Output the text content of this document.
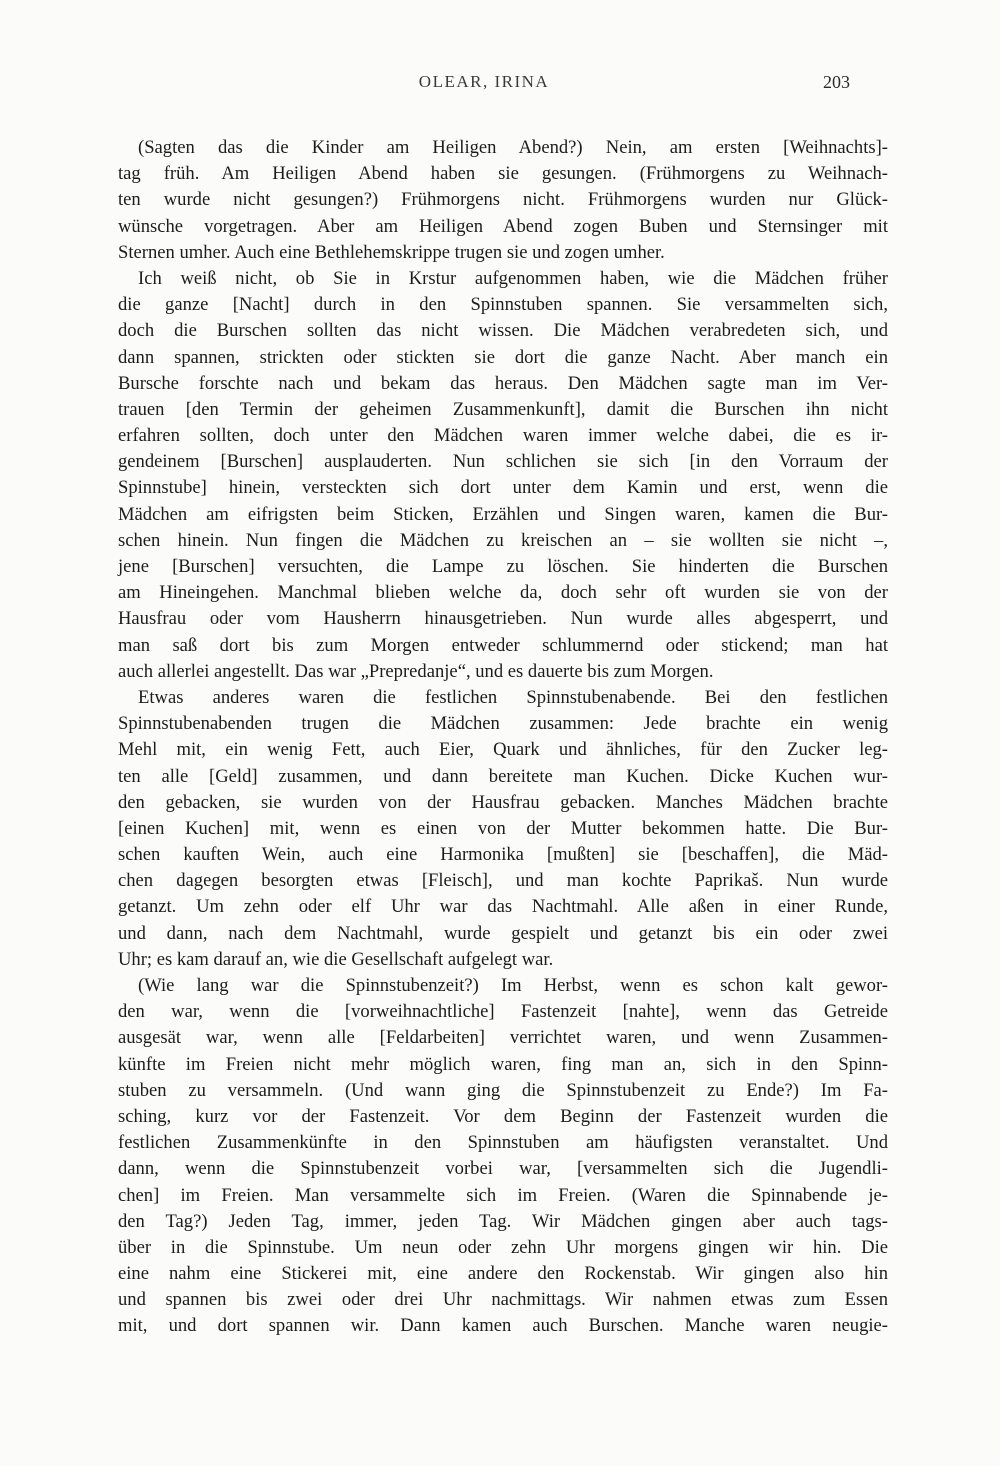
OLEAR, IRINA	203
(Sagten das die Kinder am Heiligen Abend?) Nein, am ersten [Weihnachts]-
tag früh. Am Heiligen Abend haben sie gesungen. (Frühmorgens zu Weihnach-
ten wurde nicht gesungen?) Frühmorgens nicht. Frühmorgens wurden nur Glück-
wünsche vorgetragen. Aber am Heiligen Abend zogen Buben und Sternsinger mit
Sternen umher. Auch eine Bethlehemskrippe trugen sie und zogen umher.
Ich weiß nicht, ob Sie in Krstur aufgenommen haben, wie die Mädchen früher
die ganze [Nacht] durch in den Spinnstuben spannen. Sie versammelten sich,
doch die Burschen sollten das nicht wissen. Die Mädchen verabredeten sich, und
dann spannen, strickten oder stickten sie dort die ganze Nacht. Aber manch ein
Bursche forschte nach und bekam das heraus. Den Mädchen sagte man im Ver-
trauen [den Termin der geheimen Zusammenkunft], damit die Burschen ihn nicht
erfahren sollten, doch unter den Mädchen waren immer welche dabei, die es ir-
gendeinem [Burschen] ausplauderten. Nun schlichen sie sich [in den Vorraum der
Spinnstube] hinein, versteckten sich dort unter dem Kamin und erst, wenn die
Mädchen am eifrigsten beim Sticken, Erzählen und Singen waren, kamen die Bur-
schen hinein. Nun fingen die Mädchen zu kreischen an – sie wollten sie nicht –,
jene [Burschen] versuchten, die Lampe zu löschen. Sie hinderten die Burschen
am Hineingehen. Manchmal blieben welche da, doch sehr oft wurden sie von der
Hausfrau oder vom Hausherrn hinausgetrieben. Nun wurde alles abgesperrt, und
man saß dort bis zum Morgen entweder schlummernd oder stickend; man hat
auch allerlei angestellt. Das war „Prepredanje“, und es dauerte bis zum Morgen.
Etwas anderes waren die festlichen Spinnstubenabende. Bei den festlichen
Spinnstubenabenden trugen die Mädchen zusammen: Jede brachte ein wenig
Mehl mit, ein wenig Fett, auch Eier, Quark und ähnliches, für den Zucker leg-
ten alle [Geld] zusammen, und dann bereitete man Kuchen. Dicke Kuchen wur-
den gebacken, sie wurden von der Hausfrau gebacken. Manches Mädchen brachte
[einen Kuchen] mit, wenn es einen von der Mutter bekommen hatte. Die Bur-
schen kauften Wein, auch eine Harmonika [mußten] sie [beschaffen], die Mäd-
chen dagegen besorgten etwas [Fleisch], und man kochte Paprikaš. Nun wurde
getanzt. Um zehn oder elf Uhr war das Nachtmahl. Alle aßen in einer Runde,
und dann, nach dem Nachtmahl, wurde gespielt und getanzt bis ein oder zwei
Uhr; es kam darauf an, wie die Gesellschaft aufgelegt war.
(Wie lang war die Spinnstubenzeit?) Im Herbst, wenn es schon kalt gewor-
den war, wenn die [vorweihnachtliche] Fastenzeit [nahte], wenn das Getreide
ausgesät war, wenn alle [Feldarbeiten] verrichtet waren, und wenn Zusammen-
künfte im Freien nicht mehr möglich waren, fing man an, sich in den Spinn-
stuben zu versammeln. (Und wann ging die Spinnstubenzeit zu Ende?) Im Fa-
sching, kurz vor der Fastenzeit. Vor dem Beginn der Fastenzeit wurden die
festlichen Zusammenkünfte in den Spinnstuben am häufigsten veranstaltet. Und
dann, wenn die Spinnstubenzeit vorbei war, [versammelten sich die Jugendli-
chen] im Freien. Man versammelte sich im Freien. (Waren die Spinnabende je-
den Tag?) Jeden Tag, immer, jeden Tag. Wir Mädchen gingen aber auch tags-
über in die Spinnstube. Um neun oder zehn Uhr morgens gingen wir hin. Die
eine nahm eine Stickerei mit, eine andere den Rockenstab. Wir gingen also hin
und spannen bis zwei oder drei Uhr nachmittags. Wir nahmen etwas zum Essen
mit, und dort spannen wir. Dann kamen auch Burschen. Manche waren neugie-
